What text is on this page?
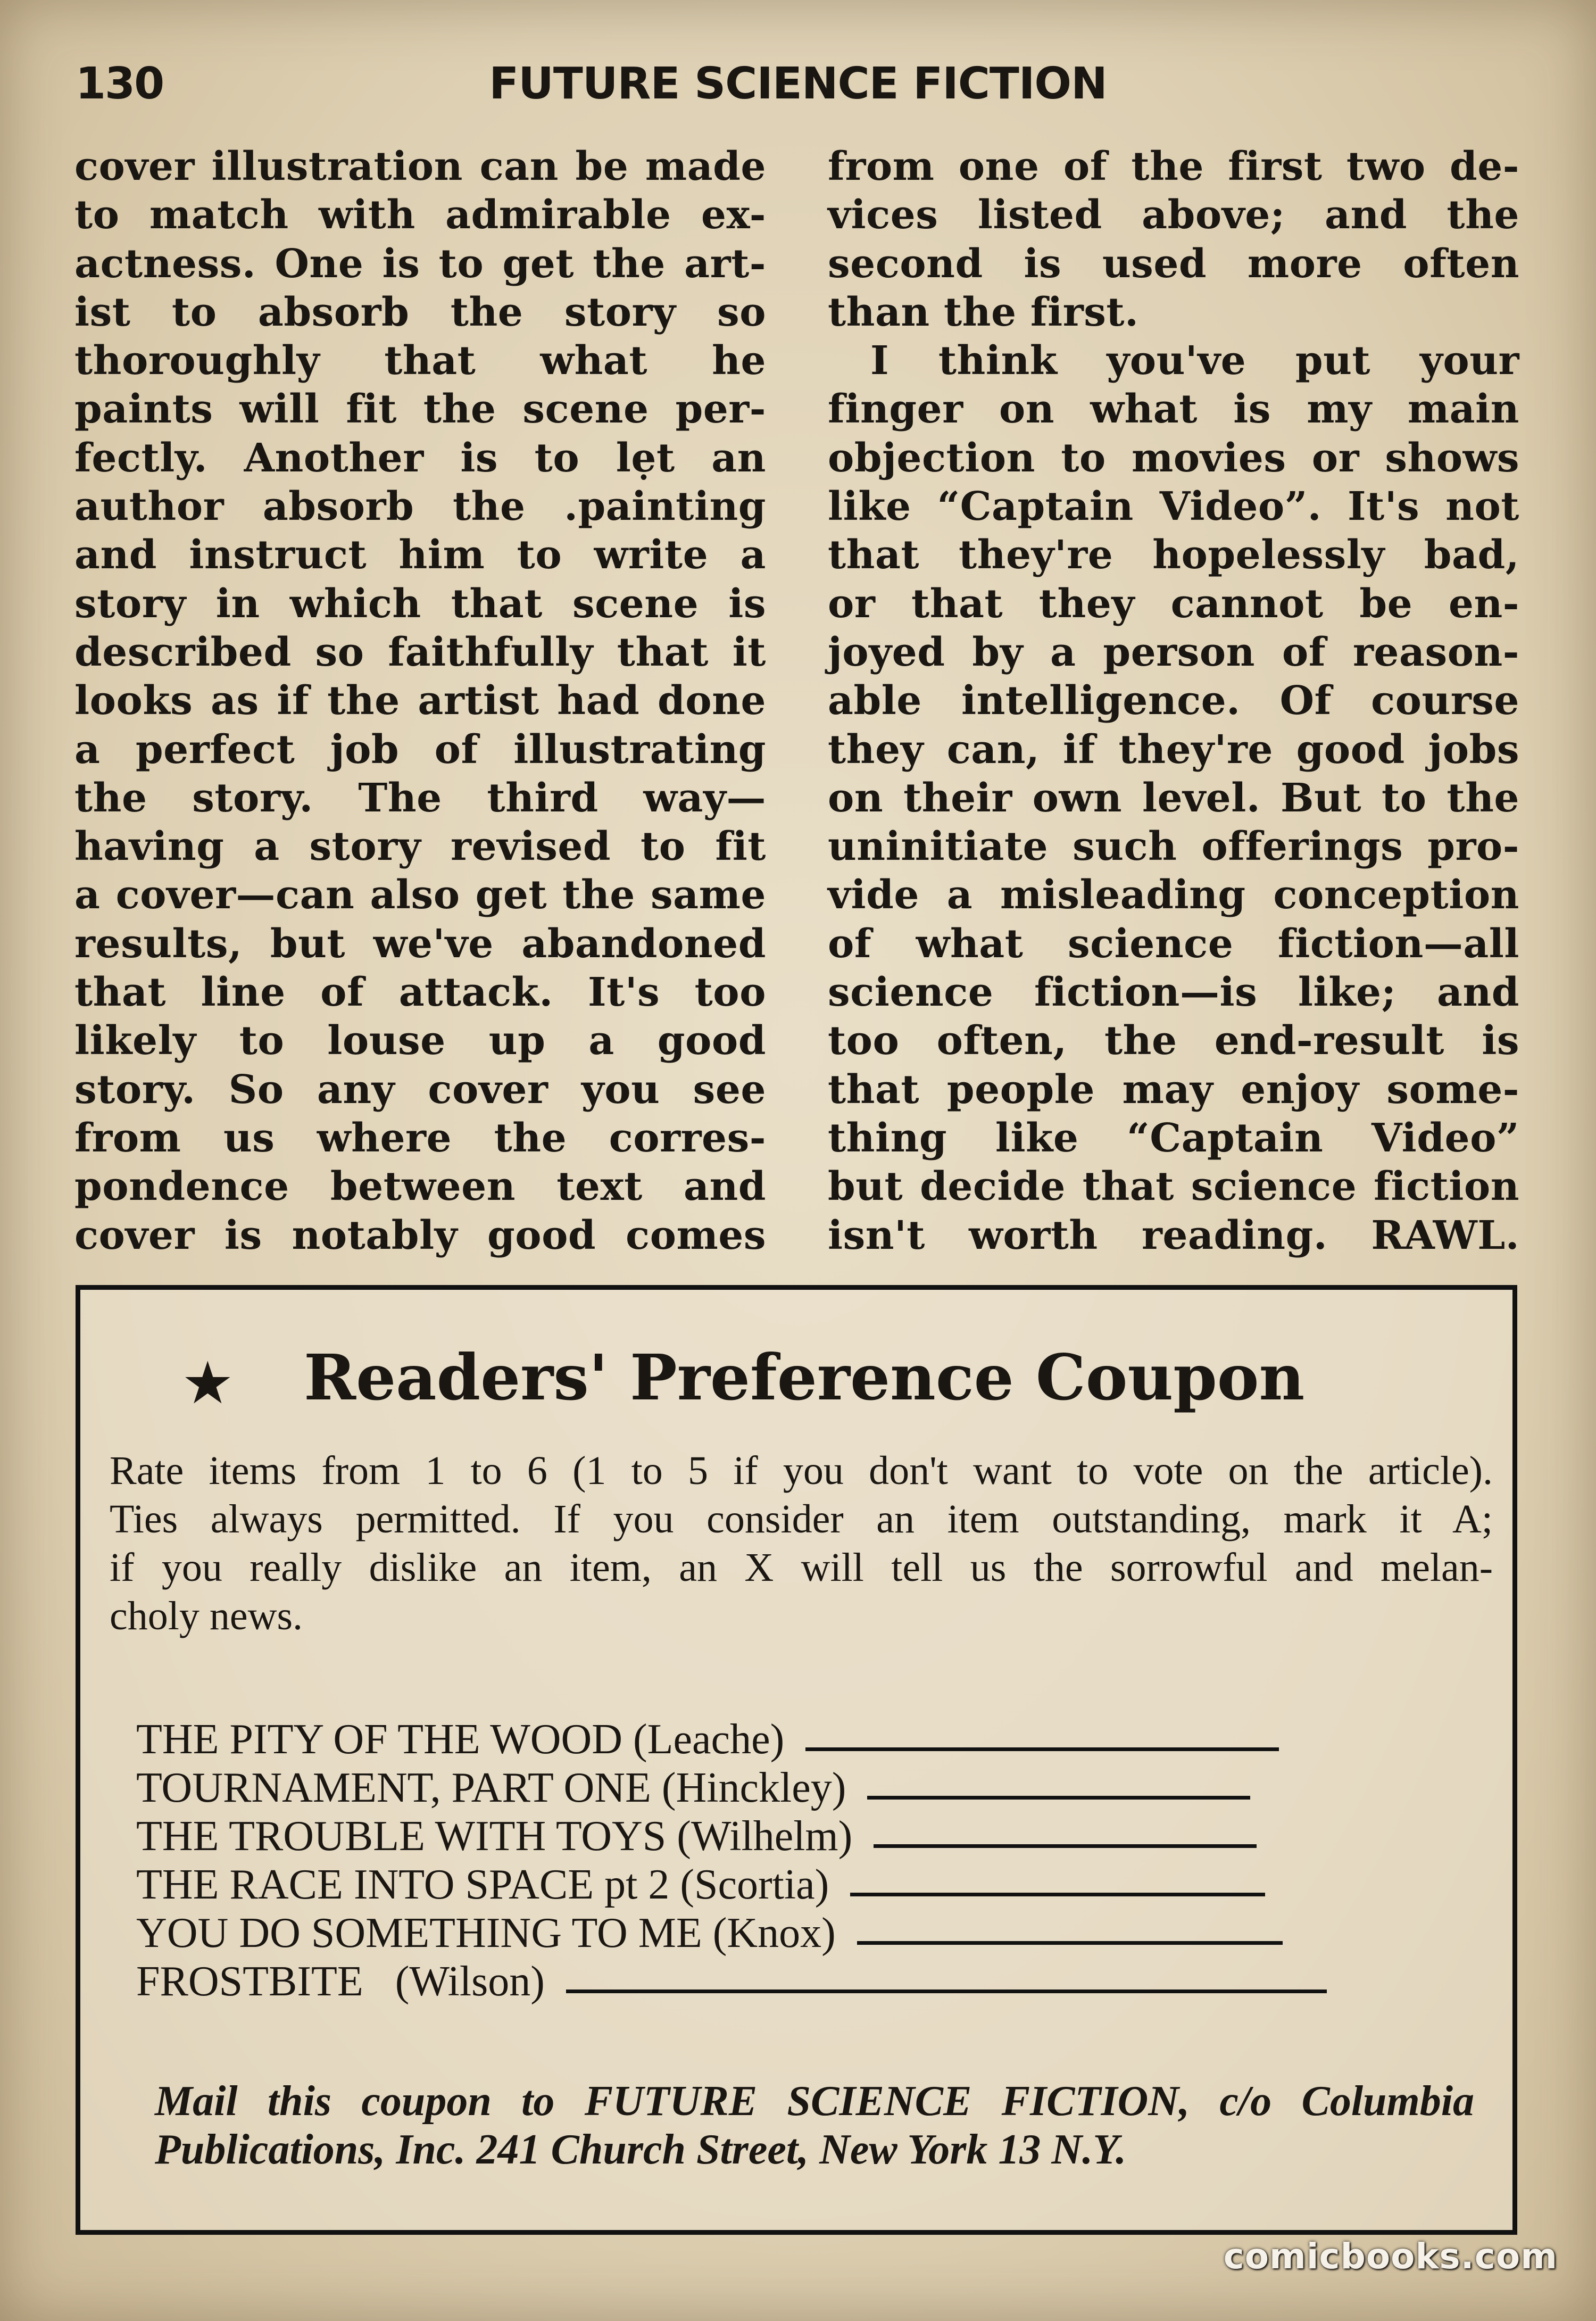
130	FUTURE SCIENCE FICTION
cover illustration can be made
to match with admirable ex-
actness. One is to get the art-
ist to absorb the story so
thoroughly that what he
paints will fit the scene per-
fectly. Another is to lẹt an
author absorb the .painting
and instruct him to write a
story in which that scene is
described so faithfully that it
looks as if the artist had done
a perfect job of illustrating
the story. The third way—
having a story revised to fit
a cover—can also get the same
results, but we've abandoned
that line of attack. It's too
likely to louse up a good
story. So any cover you see
from us where the corres-
pondence between text and
cover is notably good comes
from one of the first two de-
vices listed above; and the
second is used more often
than the first.
I think you've put your
finger on what is my main
objection to movies or shows
like “Captain Video”. It's not
that they're hopelessly bad,
or that they cannot be en-
joyed by a person of reason-
able intelligence. Of course
they can, if they're good jobs
on their own level. But to the
uninitiate such offerings pro-
vide a misleading conception
of what science fiction—all
science fiction—is like; and
too often, the end-result is
that people may enjoy some-
thing like “Captain Video”
but decide that science fiction
isn't worth reading. RAWL.
★ Readers' Preference Coupon
Rate items from 1 to 6 (1 to 5 if you don't want to vote on the article).
Ties always permitted. If you consider an item outstanding, mark it A;
if you really dislike an item, an X will tell us the sorrowful and melan-
choly news.
THE PITY OF THE WOOD (Leache)
TOURNAMENT, PART ONE (Hinckley)
THE TROUBLE WITH TOYS (Wilhelm)
THE RACE INTO SPACE pt 2 (Scortia)
YOU DO SOMETHING TO ME (Knox)
FROSTBITE (Wilson)
Mail this coupon to FUTURE SCIENCE FICTION, c/o Columbia
Publications, Inc. 241 Church Street, New York 13 N.Y.
comicbooks.com
